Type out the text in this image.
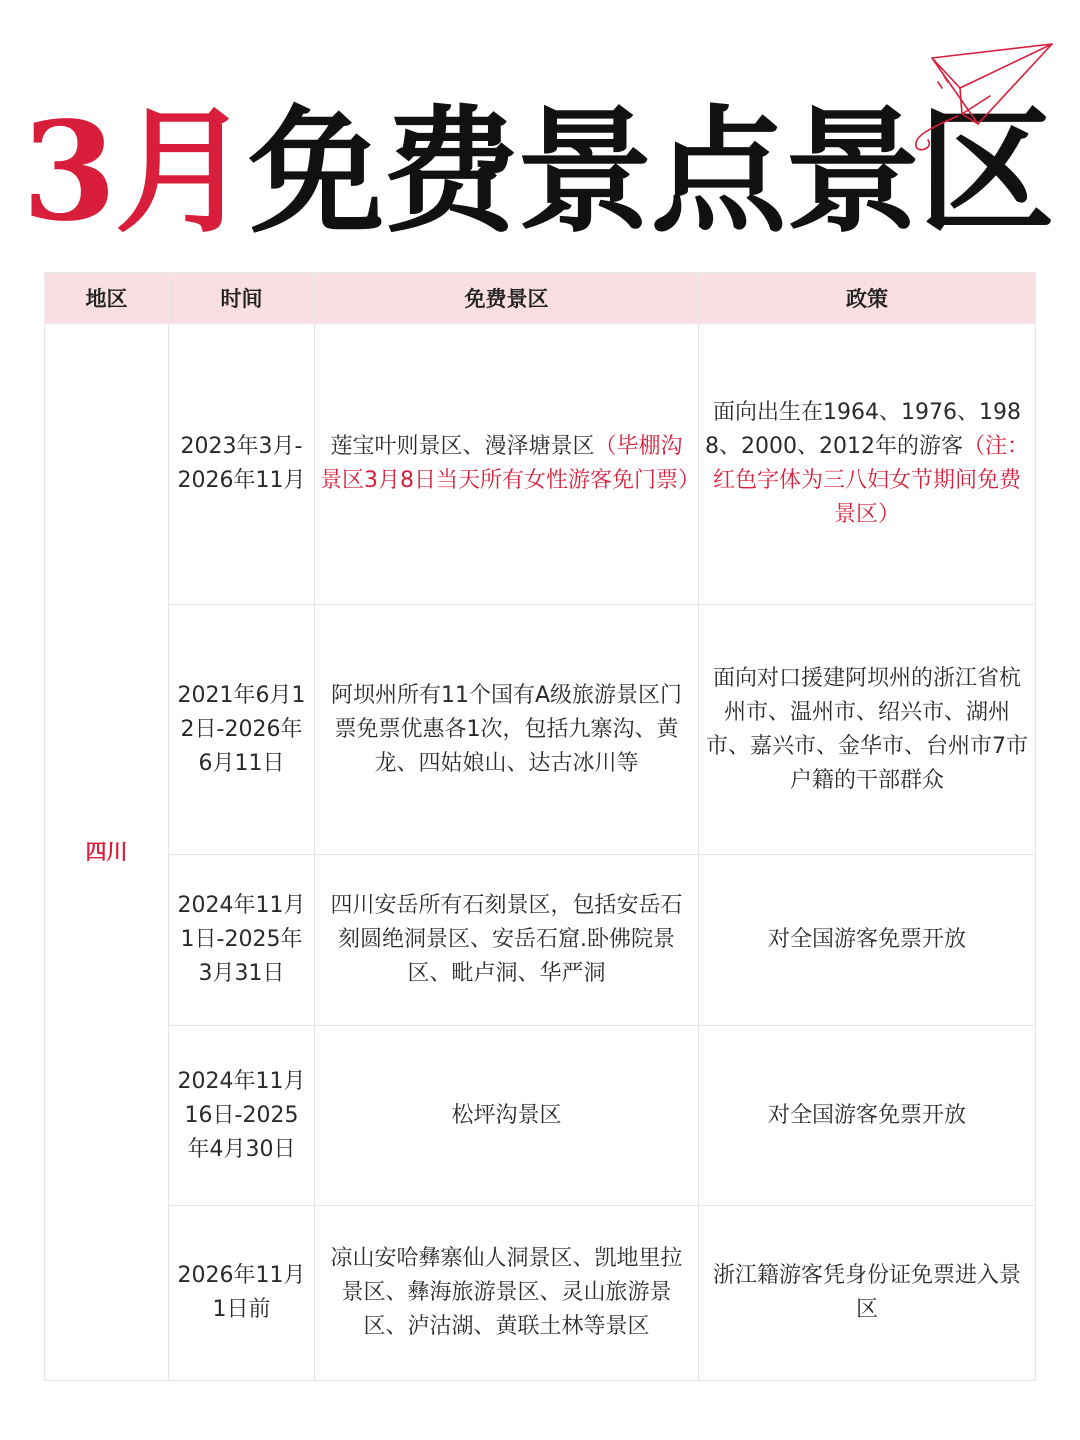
3月免费景点景区
地区	时间	免费景区	政策
四川	2023年3月-2026年11月	莲宝叶则景区、漫泽塘景区（毕棚沟景区3月8日当天所有女性游客免门票）	面向出生在1964、1976、1988、2000、2012年的游客（注：红色字体为三八妇女节期间免费景区）
	2021年6月12日-2026年6月11日	阿坝州所有11个国有A级旅游景区门票免票优惠各1次，包括九寨沟、黄龙、四姑娘山、达古冰川等	面向对口援建阿坝州的浙江省杭州市、温州市、绍兴市、湖州市、嘉兴市、金华市、台州市7市户籍的干部群众
	2024年11月1日-2025年3月31日	四川安岳所有石刻景区，包括安岳石刻圆绝洞景区、安岳石窟.卧佛院景区、毗卢洞、华严洞	对全国游客免票开放
	2024年11月16日-2025年4月30日	松坪沟景区	对全国游客免票开放
	2026年11月1日前	凉山安哈彝寨仙人洞景区、凯地里拉景区、彝海旅游景区、灵山旅游景区、泸沽湖、黄联土林等景区	浙江籍游客凭身份证免票进入景区
